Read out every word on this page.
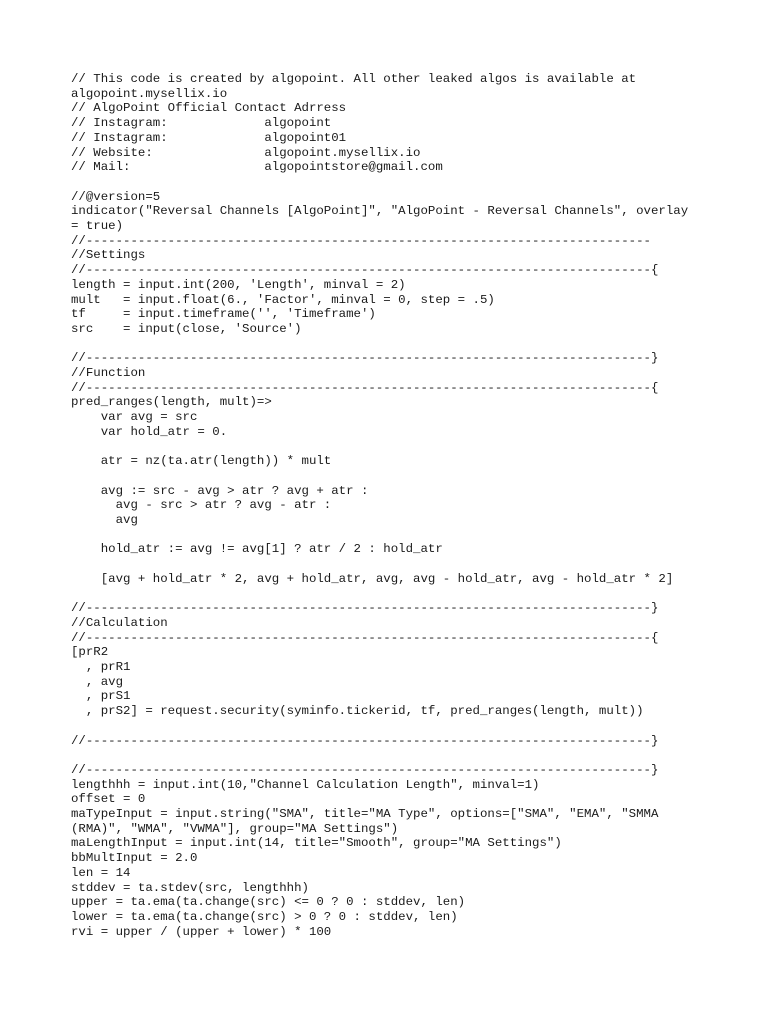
// This code is created by algopoint. All other leaked algos is available at
algopoint.mysellix.io
// AlgoPoint Official Contact Adrress
// Instagram:             algopoint
// Instagram:             algopoint01
// Website:               algopoint.mysellix.io
// Mail:                  algopointstore@gmail.com
//@version=5
indicator("Reversal Channels [AlgoPoint]", "AlgoPoint - Reversal Channels", overlay
= true)
//----------------------------------------------------------------------------
//Settings
//----------------------------------------------------------------------------{
length = input.int(200, 'Length', minval = 2)
mult   = input.float(6., 'Factor', minval = 0, step = .5)
tf     = input.timeframe('', 'Timeframe')
src    = input(close, 'Source')
//----------------------------------------------------------------------------}
//Function
//----------------------------------------------------------------------------{
pred_ranges(length, mult)=>
var avg = src
var hold_atr = 0.
atr = nz(ta.atr(length)) * mult
avg := src - avg > atr ? avg + atr :
avg - src > atr ? avg - atr :
avg
hold_atr := avg != avg[1] ? atr / 2 : hold_atr
[avg + hold_atr * 2, avg + hold_atr, avg, avg - hold_atr, avg - hold_atr * 2]
//----------------------------------------------------------------------------}
//Calculation
//----------------------------------------------------------------------------{
[prR2
, prR1
, avg
, prS1
, prS2] = request.security(syminfo.tickerid, tf, pred_ranges(length, mult))
//----------------------------------------------------------------------------}
//----------------------------------------------------------------------------}
lengthhh = input.int(10,"Channel Calculation Length", minval=1)
offset = 0
maTypeInput = input.string("SMA", title="MA Type", options=["SMA", "EMA", "SMMA
(RMA)", "WMA", "VWMA"], group="MA Settings")
maLengthInput = input.int(14, title="Smooth", group="MA Settings")
bbMultInput = 2.0
len = 14
stddev = ta.stdev(src, lengthhh)
upper = ta.ema(ta.change(src) <= 0 ? 0 : stddev, len)
lower = ta.ema(ta.change(src) > 0 ? 0 : stddev, len)
rvi = upper / (upper + lower) * 100
